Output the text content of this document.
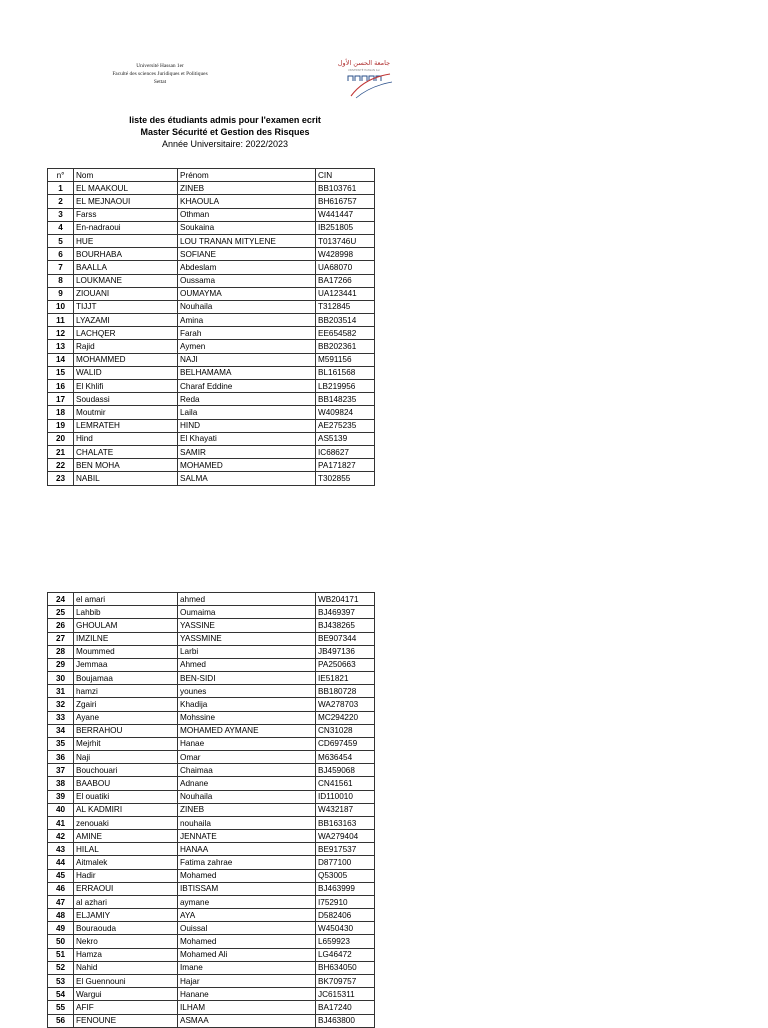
Université Hassan 1er
Faculté des sciences Juridiques et Politiques
Settat
جامعة الحسن الأول
UNIVERSITÉ HASSAN 1er
liste des étudiants admis pour l'examen ecrit
Master Sécurité et Gestion des Risques
Année Universitaire: 2022/2023
n°	Nom	Prénom	CIN
1	EL MAAKOUL	ZINEB	BB103761
2	EL MEJNAOUI	KHAOULA	BH616757
3	Farss	Othman	W441447
4	En-nadraoui	Soukaina	IB251805
5	HUE	LOU TRANAN MITYLENE	T013746U
6	BOURHABA	SOFIANE	W428998
7	BAALLA	Abdeslam	UA68070
8	LOUKMANE	Oussama	BA17266
9	ZIOUANI	OUMAYMA	UA123441
10	TIJJT	Nouhaila	T312845
11	LYAZAMI	Amina	BB203514
12	LACHQER	Farah	EE654582
13	Rajid	Aymen	BB202361
14	MOHAMMED	NAJI	M591156
15	WALID	BELHAMAMA	BL161568
16	El Khlifi	Charaf Eddine	LB219956
17	Soudassi	Reda	BB148235
18	Moutmir	Laila	W409824
19	LEMRATEH	HIND	AE275235
20	Hind	El Khayati	AS5139
21	CHALATE	SAMIR	IC68627
22	BEN MOHA	MOHAMED	PA171827
23	NABIL	SALMA	T302855
24	el amari	ahmed	WB204171
25	Lahbib	Oumaima	BJ469397
26	GHOULAM	YASSINE	BJ438265
27	IMZILNE	YASSMINE	BE907344
28	Moummed	Larbi	JB497136
29	Jemmaa	Ahmed	PA250663
30	Boujamaa	BEN-SIDI	IE51821
31	hamzi	younes	BB180728
32	Zgairi	Khadija	WA278703
33	Ayane	Mohssine	MC294220
34	BERRAHOU	MOHAMED AYMANE	CN31028
35	Mejrhit	Hanae	CD697459
36	Naji	Omar	M636454
37	Bouchouari	Chaimaa	BJ459068
38	BAABOU	Adnane	CN41561
39	El ouatiki	Nouhaila	ID110010
40	AL KADMIRI	ZINEB	W432187
41	zenouaki	nouhaila	BB163163
42	AMINE	JENNATE	WA279404
43	HILAL	HANAA	BE917537
44	Aitmalek	Fatima zahrae	D877100
45	Hadir	Mohamed	Q53005
46	ERRAOUI	IBTISSAM	BJ463999
47	al azhari	aymane	I752910
48	ELJAMIY	AYA	D582406
49	Bouraouda	Ouissal	W450430
50	Nekro	Mohamed	L659923
51	Hamza	Mohamed Ali	LG46472
52	Nahid	Imane	BH634050
53	El Guennouni	Hajar	BK709757
54	Wargui	Hanane	JC615311
55	AFIF	ILHAM	BA17240
56	FENOUNE	ASMAA	BJ463800
